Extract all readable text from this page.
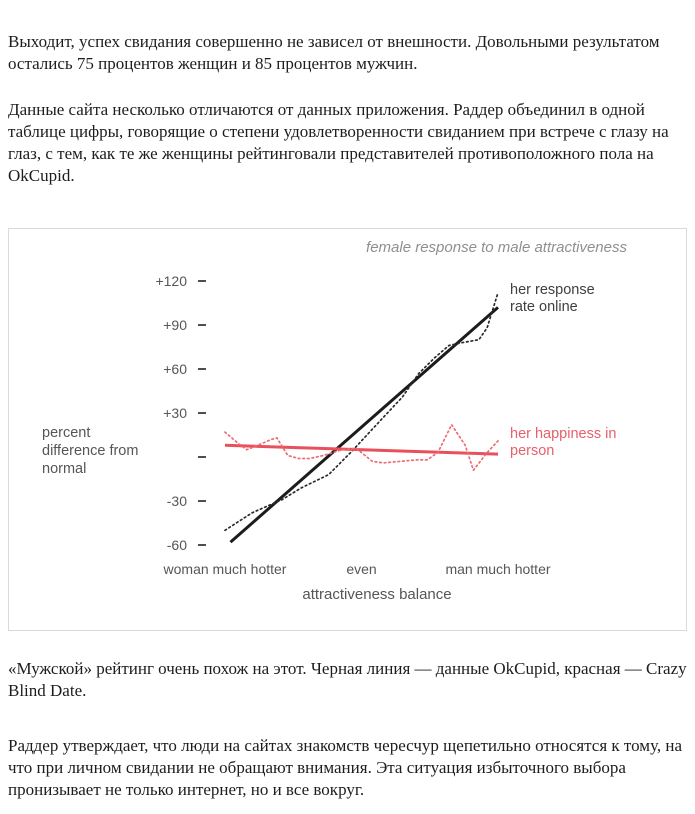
Выходит, успех свидания совершенно не зависел от внешности. Довольными результатом остались 75 процентов женщин и 85 процентов мужчин.

Данные сайта несколько отличаются от данных приложения. Раддер объединил в одной таблице цифры, говорящие о степени удовлетворенности свиданием при встрече с глазу на глаз, с тем, как те же женщины рейтинговали представителей противоположного пола на OkCupid.

female response to male attractiveness
percent difference from normal
+120
+90
+60
+30
-30
-60
her response rate online
her happiness in person
woman much hotter	even	man much hotter
attractiveness balance

«Мужской» рейтинг очень похож на этот. Черная линия — данные OkCupid, красная — Crazy Blind Date.

Раддер утверждает, что люди на сайтах знакомств чересчур щепетильно относятся к тому, на что при личном свидании не обращают внимания. Эта ситуация избыточного выбора пронизывает не только интернет, но и все вокруг.
